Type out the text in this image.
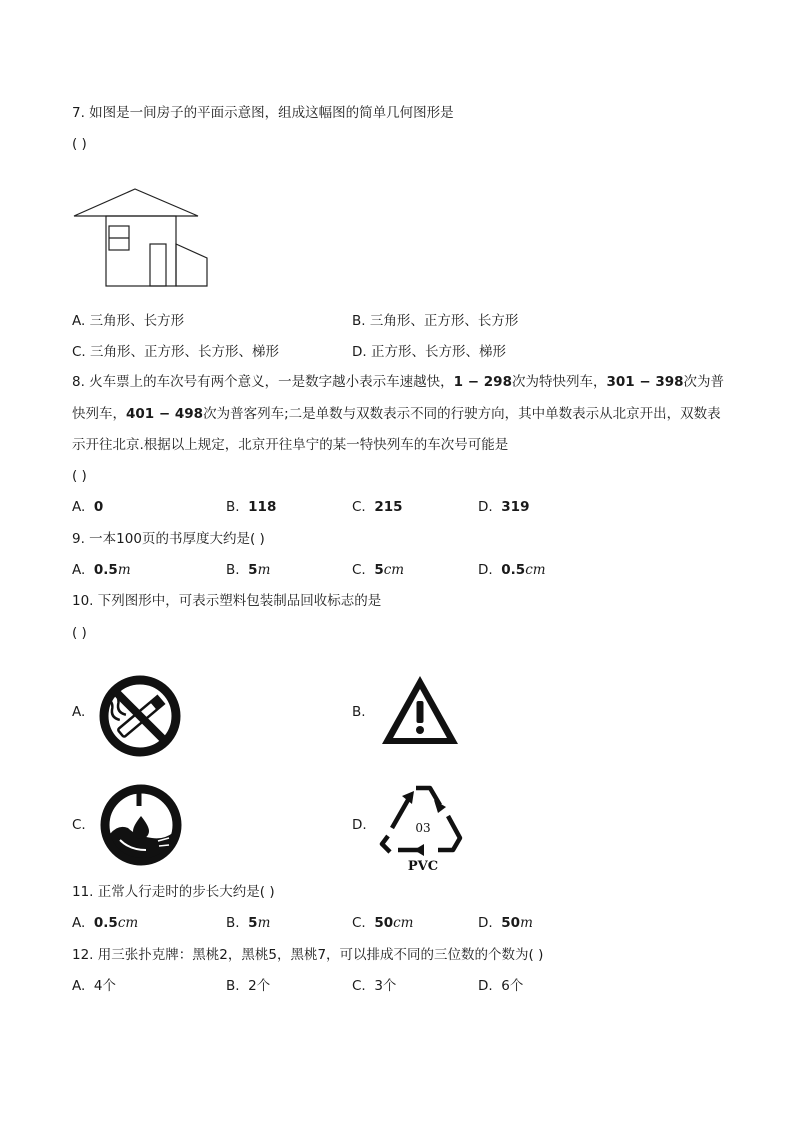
7. 如图是一间房子的平面示意图，组成这幅图的简单几何图形是
( )
A. 三角形、长方形	B. 三角形、正方形、长方形
C. 三角形、正方形、长方形、梯形	D. 正方形、长方形、梯形
8. 火车票上的车次号有两个意义，一是数字越小表示车速越快，1 − 298次为特快列车，301 − 398次为普
快列车，401 − 498次为普客列车;二是单数与双数表示不同的行驶方向，其中单数表示从北京开出，双数表
示开往北京.根据以上规定，北京开往阜宁的某一特快列车的车次号可能是
( )
A. 0	B. 118	C. 215	D. 319
9. 一本100页的书厚度大约是( )
A. 0.5m	B. 5m	C. 5cm	D. 0.5cm
10. 下列图形中，可表示塑料包装制品回收标志的是
( )
A.	B.
C.	D.	03
PVC
11. 正常人行走时的步长大约是( )
A. 0.5cm	B. 5m	C. 50cm	D. 50m
12. 用三张扑克牌：黑桃2，黑桃5，黑桃7，可以排成不同的三位数的个数为( )
A. 4个	B. 2个	C. 3个	D. 6个
